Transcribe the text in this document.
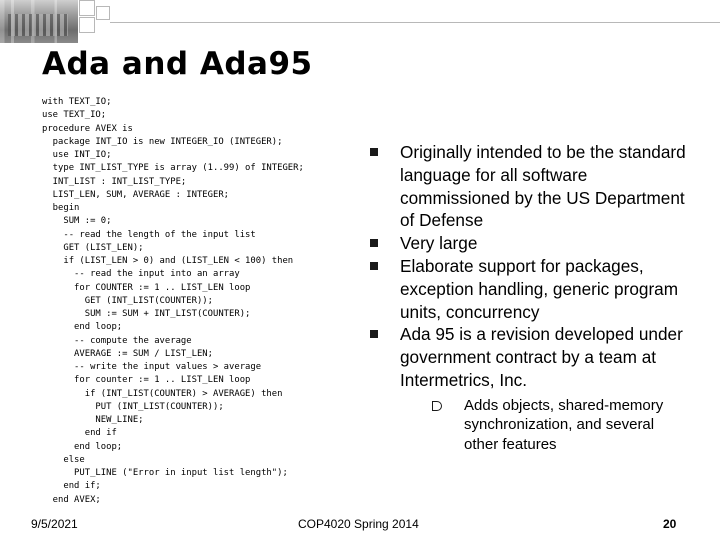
Ada and Ada95
with TEXT_IO;
use TEXT_IO;
procedure AVEX is
package INT_IO is new INTEGER_IO (INTEGER);
use INT_IO;
type INT_LIST_TYPE is array (1..99) of INTEGER;
INT_LIST : INT_LIST_TYPE;
LIST_LEN, SUM, AVERAGE : INTEGER;
begin
SUM := 0;
-- read the length of the input list
GET (LIST_LEN);
if (LIST_LEN > 0) and (LIST_LEN < 100) then
-- read the input into an array
for COUNTER := 1 .. LIST_LEN loop
GET (INT_LIST(COUNTER));
SUM := SUM + INT_LIST(COUNTER);
end loop;
-- compute the average
AVERAGE := SUM / LIST_LEN;
-- write the input values > average
for counter := 1 .. LIST_LEN loop
if (INT_LIST(COUNTER) > AVERAGE) then
PUT (INT_LIST(COUNTER));
NEW_LINE;
end if
end loop;
else
PUT_LINE ("Error in input list length");
end if;
end AVEX;
Originally intended to be the standard language for all software commissioned by the US Department of Defense
Very large
Elaborate support for packages, exception handling, generic program units, concurrency
Ada 95 is a revision developed under government contract by a team at Intermetrics, Inc.
Adds objects, shared-memory synchronization, and several other features
9/5/2021	COP4020 Spring 2014	20
